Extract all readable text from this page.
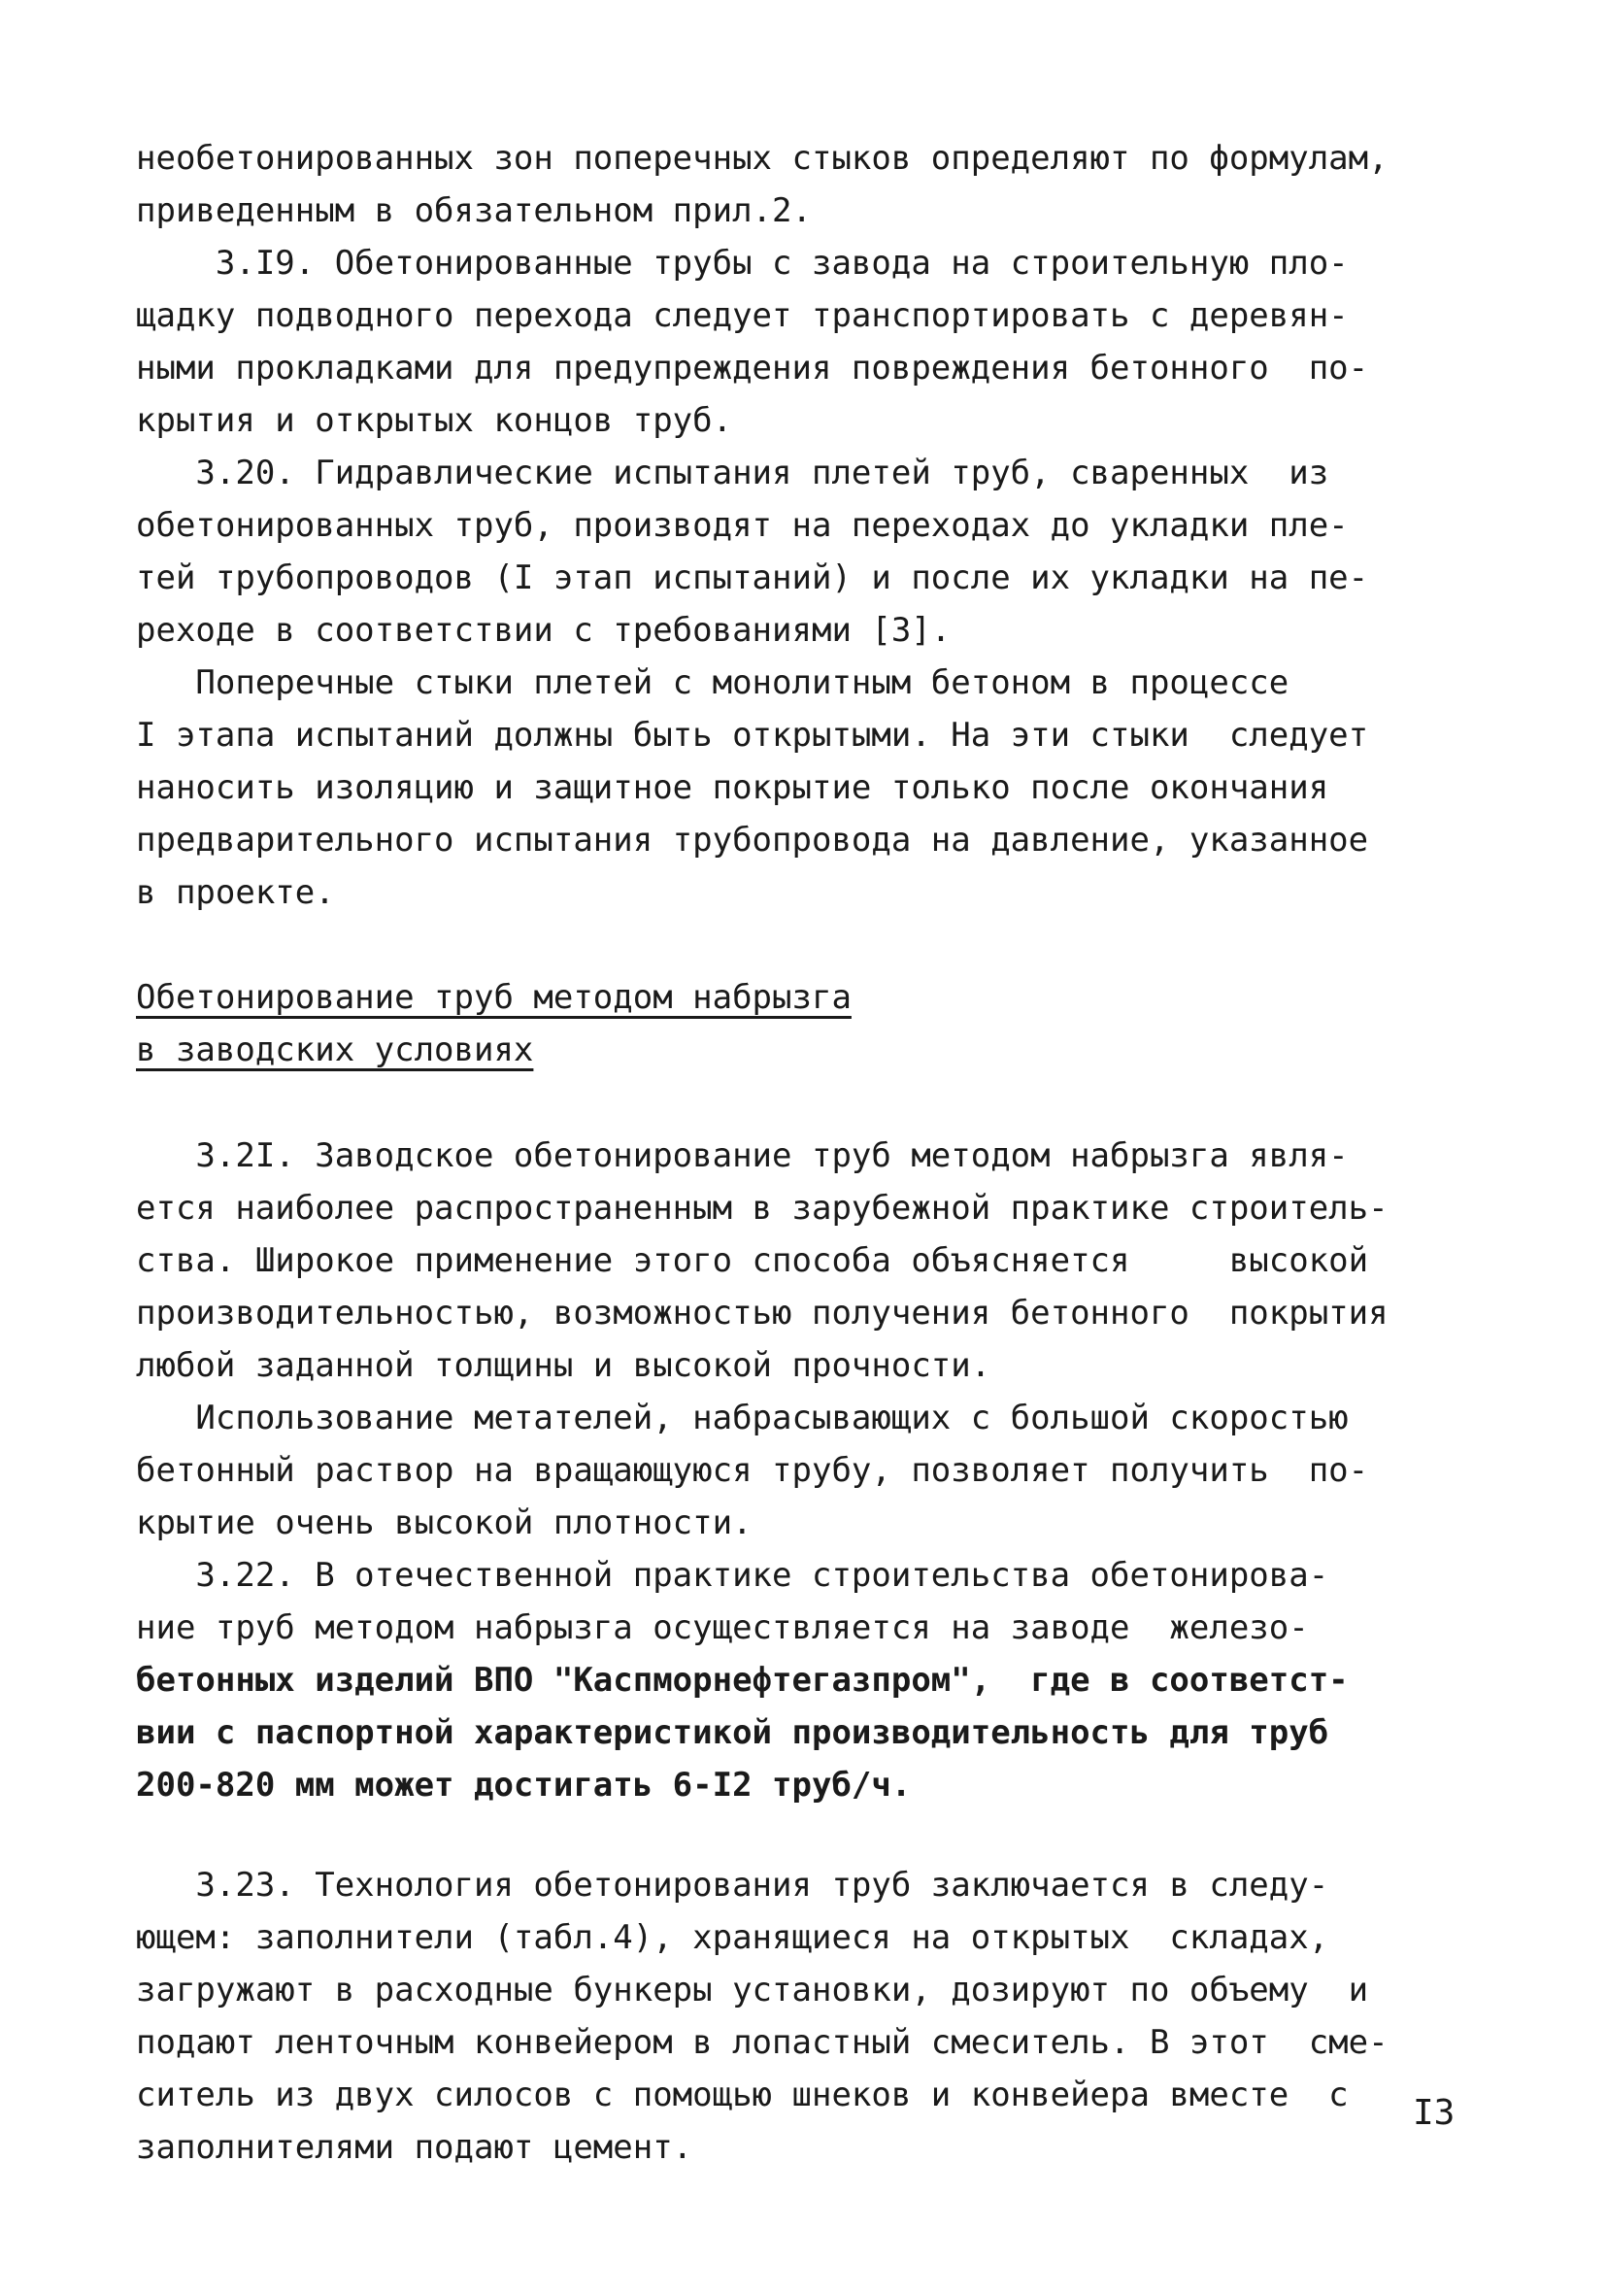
необетонированных зон поперечных стыков определяют по формулам,
приведенным в обязательном прил.2.
3.I9. Обетонированные трубы с завода на строительную пло-
щадку подводного перехода следует транспортировать с деревян-
ными прокладками для предупреждения повреждения бетонного  по-
крытия и открытых концов труб.
3.20. Гидравлические испытания плетей труб, сваренных  из
обетонированных труб, производят на переходах до укладки пле-
тей трубопроводов (I этап испытаний) и после их укладки на пе-
реходе в соответствии с требованиями [3].
Поперечные стыки плетей с монолитным бетоном в процессе
I этапа испытаний должны быть открытыми. На эти стыки  следует
наносить изоляцию и защитное покрытие только после окончания
предварительного испытания трубопровода на давление, указанное
в проекте.
Обетонирование труб методом набрызга
в заводских условиях
3.2I. Заводское обетонирование труб методом набрызга явля-
ется наиболее распространенным в зарубежной практике строитель-
ства. Широкое применение этого способа объясняется     высокой
производительностью, возможностью получения бетонного  покрытия
любой заданной толщины и высокой прочности.
Использование метателей, набрасывающих с большой скоростью
бетонный раствор на вращающуюся трубу, позволяет получить  по-
крытие очень высокой плотности.
3.22. В отечественной практике строительства обетонирова-
ние труб методом набрызга осуществляется на заводе  железо-
бетонных изделий ВПО "Каспморнефтегазпром",  где в соответст-
вии с паспортной характеристикой производительность для труб
200-820 мм может достигать 6-I2 труб/ч.
3.23. Технология обетонирования труб заключается в следу-
ющем: заполнители (табл.4), хранящиеся на открытых  складах,
загружают в расходные бункеры установки, дозируют по объему  и
подают ленточным конвейером в лопастный смеситель. В этот  сме-
ситель из двух силосов с помощью шнеков и конвейера вместе  с
заполнителями подают цемент.
I3
